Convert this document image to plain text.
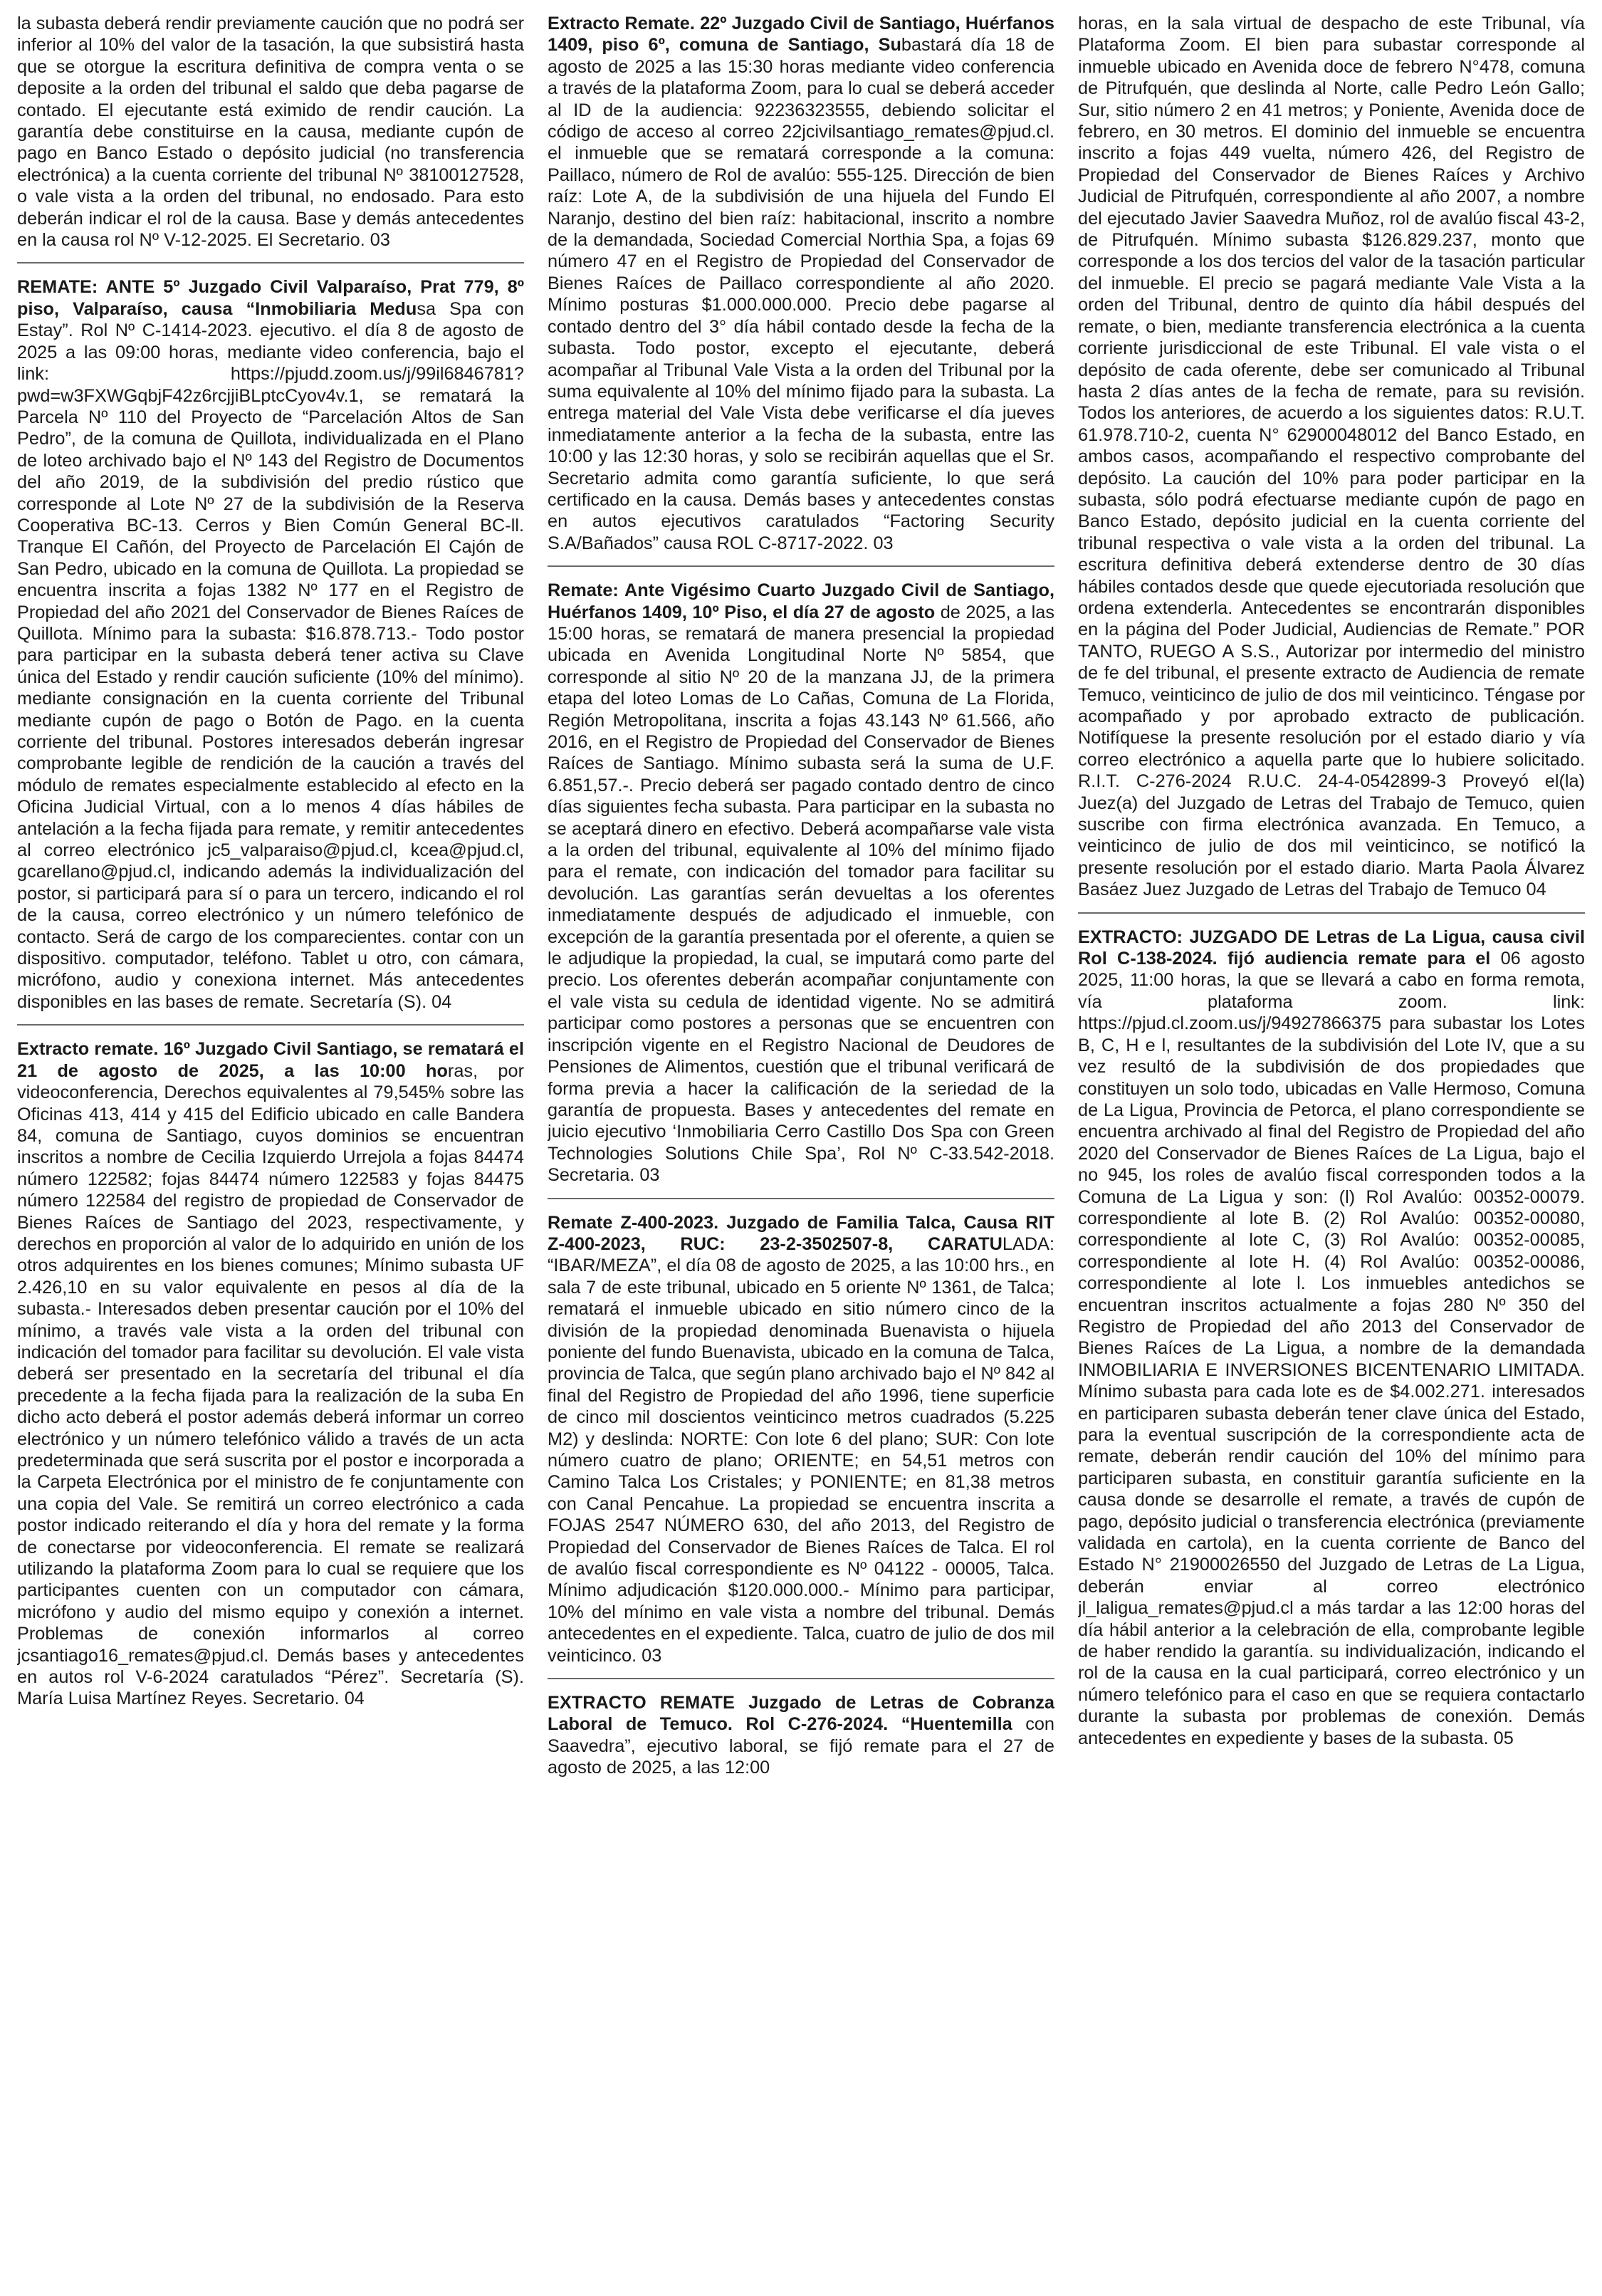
la subasta deberá rendir previamente caución que no podrá ser inferior al 10% del valor de la tasación, la que subsistirá hasta que se otorgue la escritura definitiva de compra venta o se deposite a la orden del tribunal el saldo que deba pagarse de contado. El ejecutante está eximido de rendir caución. La garantía debe constituirse en la causa, mediante cupón de pago en Banco Estado o depósito judicial (no transferencia electrónica) a la cuenta corriente del tribunal Nº 38100127528, o vale vista a la orden del tribunal, no endosado. Para esto deberán indicar el rol de la causa. Base y demás antecedentes en la causa rol Nº V-12-2025. El Secretario. 03

REMATE: ANTE 5º Juzgado Civil Valparaíso, Prat 779, 8º piso, Valparaíso, causa “Inmobiliaria Medusa Spa con Estay”. Rol Nº C-1414-2023. ejecutivo. el día 8 de agosto de 2025 a las 09:00 horas, mediante video conferencia, bajo el link: https://pjudd.zoom.us/j/99il6846781?pwd=w3FXWGqbjF42z6rcjjiBLptcCyov4v.1, se rematará la Parcela Nº 110 del Proyecto de “Parcelación Altos de San Pedro”, de la comuna de Quillota, individualizada en el Plano de loteo archivado bajo el Nº 143 del Registro de Documentos del año 2019, de la subdivisión del predio rústico que corresponde al Lote Nº 27 de la subdivisión de la Reserva Cooperativa BC-13. Cerros y Bien Común General BC-ll. Tranque El Cañón, del Proyecto de Parcelación El Cajón de San Pedro, ubicado en la comuna de Quillota. La propiedad se encuentra inscrita a fojas 1382 Nº 177 en el Registro de Propiedad del año 2021 del Conservador de Bienes Raíces de Quillota. Mínimo para la subasta: $16.878.713.- Todo postor para participar en la subasta deberá tener activa su Clave única del Estado y rendir caución suficiente (10% del mínimo). mediante consignación en la cuenta corriente del Tribunal mediante cupón de pago o Botón de Pago. en la cuenta corriente del tribunal. Postores interesados deberán ingresar comprobante legible de rendición de la caución a través del módulo de remates especialmente establecido al efecto en la Oficina Judicial Virtual, con a lo menos 4 días hábiles de antelación a la fecha fijada para remate, y remitir antecedentes al correo electrónico jc5_valparaiso@pjud.cl, kcea@pjud.cl, gcarellano@pjud.cl, indicando además la individualización del postor, si participará para sí o para un tercero, indicando el rol de la causa, correo electrónico y un número telefónico de contacto. Será de cargo de los comparecientes. contar con un dispositivo. computador, teléfono. Tablet u otro, con cámara, micrófono, audio y conexiona internet. Más antecedentes disponibles en las bases de remate. Secretaría (S). 04

Extracto remate. 16º Juzgado Civil Santiago, se rematará el 21 de agosto de 2025, a las 10:00 horas, por videoconferencia, Derechos equivalentes al 79,545% sobre las Oficinas 413, 414 y 415 del Edificio ubicado en calle Bandera 84, comuna de Santiago, cuyos dominios se encuentran inscritos a nombre de Cecilia Izquierdo Urrejola a fojas 84474 número 122582; fojas 84474 número 122583 y fojas 84475 número 122584 del registro de propiedad de Conservador de Bienes Raíces de Santiago del 2023, respectivamente, y derechos en proporción al valor de lo adquirido en unión de los otros adquirentes en los bienes comunes; Mínimo subasta UF 2.426,10 en su valor equivalente en pesos al día de la subasta.- Interesados deben presentar caución por el 10% del mínimo, a través vale vista a la orden del tribunal con indicación del tomador para facilitar su devolución. El vale vista deberá ser presentado en la secretaría del tribunal el día precedente a la fecha fijada para la realización de la suba En dicho acto deberá el postor además deberá informar un correo electrónico y un número telefónico válido a través de un acta predeterminada que será suscrita por el postor e incorporada a la Carpeta Electrónica por el ministro de fe conjuntamente con una copia del Vale. Se remitirá un correo electrónico a cada postor indicado reiterando el día y hora del remate y la forma de conectarse por videoconferencia. El remate se realizará utilizando la plataforma Zoom para lo cual se requiere que los participantes cuenten con un computador con cámara, micrófono y audio del mismo equipo y conexión a internet. Problemas de conexión informarlos al correo jcsantiago16_remates@pjud.cl. Demás bases y antecedentes en autos rol V-6-2024 caratulados “Pérez”. Secretaría (S). María Luisa Martínez Reyes. Secretario. 04

Extracto Remate. 22º Juzgado Civil de Santiago, Huérfanos 1409, piso 6º, comuna de Santiago, Subastará día 18 de agosto de 2025 a las 15:30 horas mediante video conferencia a través de la plataforma Zoom, para lo cual se deberá acceder al ID de la audiencia: 92236323555, debiendo solicitar el código de acceso al correo 22jcivilsantiago_remates@pjud.cl. el inmueble que se rematará corresponde a la comuna: Paillaco, número de Rol de avalúo: 555-125. Dirección de bien raíz: Lote A, de la subdivisión de una hijuela del Fundo El Naranjo, destino del bien raíz: habitacional, inscrito a nombre de la demandada, Sociedad Comercial Northia Spa, a fojas 69 número 47 en el Registro de Propiedad del Conservador de Bienes Raíces de Paillaco correspondiente al año 2020. Mínimo posturas $1.000.000.000. Precio debe pagarse al contado dentro del 3° día hábil contado desde la fecha de la subasta. Todo postor, excepto el ejecutante, deberá acompañar al Tribunal Vale Vista a la orden del Tribunal por la suma equivalente al 10% del mínimo fijado para la subasta. La entrega material del Vale Vista debe verificarse el día jueves inmediatamente anterior a la fecha de la subasta, entre las 10:00 y las 12:30 horas, y solo se recibirán aquellas que el Sr. Secretario admita como garantía suficiente, lo que será certificado en la causa. Demás bases y antecedentes constas en autos ejecutivos caratulados “Factoring Security S.A/Bañados” causa ROL C-8717-2022. 03

Remate: Ante Vigésimo Cuarto Juzgado Civil de Santiago, Huérfanos 1409, 10º Piso, el día 27 de agosto de 2025, a las 15:00 horas, se rematará de manera presencial la propiedad ubicada en Avenida Longitudinal Norte Nº 5854, que corresponde al sitio Nº 20 de la manzana JJ, de la primera etapa del loteo Lomas de Lo Cañas, Comuna de La Florida, Región Metropolitana, inscrita a fojas 43.143 Nº 61.566, año 2016, en el Registro de Propiedad del Conservador de Bienes Raíces de Santiago. Mínimo subasta será la suma de U.F. 6.851,57.-. Precio deberá ser pagado contado dentro de cinco días siguientes fecha subasta. Para participar en la subasta no se aceptará dinero en efectivo. Deberá acompañarse vale vista a la orden del tribunal, equivalente al 10% del mínimo fijado para el remate, con indicación del tomador para facilitar su devolución. Las garantías serán devueltas a los oferentes inmediatamente después de adjudicado el inmueble, con excepción de la garantía presentada por el oferente, a quien se le adjudique la propiedad, la cual, se imputará como parte del precio. Los oferentes deberán acompañar conjuntamente con el vale vista su cedula de identidad vigente. No se admitirá participar como postores a personas que se encuentren con inscripción vigente en el Registro Nacional de Deudores de Pensiones de Alimentos, cuestión que el tribunal verificará de forma previa a hacer la calificación de la seriedad de la garantía de propuesta. Bases y antecedentes del remate en juicio ejecutivo ‘Inmobiliaria Cerro Castillo Dos Spa con Green Technologies Solutions Chile Spa’, Rol Nº C-33.542-2018. Secretaria. 03

Remate Z-400-2023. Juzgado de Familia Talca, Causa RIT Z-400-2023, RUC: 23-2-3502507-8, CARATULADA: “IBAR/MEZA”, el día 08 de agosto de 2025, a las 10:00 hrs., en sala 7 de este tribunal, ubicado en 5 oriente Nº 1361, de Talca; rematará el inmueble ubicado en sitio número cinco de la división de la propiedad denominada Buenavista o hijuela poniente del fundo Buenavista, ubicado en la comuna de Talca, provincia de Talca, que según plano archivado bajo el Nº 842 al final del Registro de Propiedad del año 1996, tiene superficie de cinco mil doscientos veinticinco metros cuadrados (5.225 M2) y deslinda: NORTE: Con lote 6 del plano; SUR: Con lote número cuatro de plano; ORIENTE; en 54,51 metros con Camino Talca Los Cristales; y PONIENTE; en 81,38 metros con Canal Pencahue. La propiedad se encuentra inscrita a FOJAS 2547 NÚMERO 630, del año 2013, del Registro de Propiedad del Conservador de Bienes Raíces de Talca. El rol de avalúo fiscal correspondiente es Nº 04122 - 00005, Talca. Mínimo adjudicación $120.000.000.- Mínimo para participar, 10% del mínimo en vale vista a nombre del tribunal. Demás antecedentes en el expediente. Talca, cuatro de julio de dos mil veinticinco. 03

EXTRACTO REMATE Juzgado de Letras de Cobranza Laboral de Temuco. Rol C-276-2024. “Huentemilla con Saavedra”, ejecutivo laboral, se fijó remate para el 27 de agosto de 2025, a las 12:00

horas, en la sala virtual de despacho de este Tribunal, vía Plataforma Zoom. El bien para subastar corresponde al inmueble ubicado en Avenida doce de febrero N°478, comuna de Pitrufquén, que deslinda al Norte, calle Pedro León Gallo; Sur, sitio número 2 en 41 metros; y Poniente, Avenida doce de febrero, en 30 metros. El dominio del inmueble se encuentra inscrito a fojas 449 vuelta, número 426, del Registro de Propiedad del Conservador de Bienes Raíces y Archivo Judicial de Pitrufquén, correspondiente al año 2007, a nombre del ejecutado Javier Saavedra Muñoz, rol de avalúo fiscal 43-2, de Pitrufquén. Mínimo subasta $126.829.237, monto que corresponde a los dos tercios del valor de la tasación particular del inmueble. El precio se pagará mediante Vale Vista a la orden del Tribunal, dentro de quinto día hábil después del remate, o bien, mediante transferencia electrónica a la cuenta corriente jurisdiccional de este Tribunal. El vale vista o el depósito de cada oferente, debe ser comunicado al Tribunal hasta 2 días antes de la fecha de remate, para su revisión. Todos los anteriores, de acuerdo a los siguientes datos: R.U.T. 61.978.710-2, cuenta N° 62900048012 del Banco Estado, en ambos casos, acompañando el respectivo comprobante del depósito. La caución del 10% para poder participar en la subasta, sólo podrá efectuarse mediante cupón de pago en Banco Estado, depósito judicial en la cuenta corriente del tribunal respectiva o vale vista a la orden del tribunal. La escritura definitiva deberá extenderse dentro de 30 días hábiles contados desde que quede ejecutoriada resolución que ordena extenderla. Antecedentes se encontrarán disponibles en la página del Poder Judicial, Audiencias de Remate.” POR TANTO, RUEGO A S.S., Autorizar por intermedio del ministro de fe del tribunal, el presente extracto de Audiencia de remate Temuco, veinticinco de julio de dos mil veinticinco. Téngase por acompañado y por aprobado extracto de publicación. Notifíquese la presente resolución por el estado diario y vía correo electrónico a aquella parte que lo hubiere solicitado. R.I.T. C-276-2024 R.U.C. 24-4-0542899-3 Proveyó el(la) Juez(a) del Juzgado de Letras del Trabajo de Temuco, quien suscribe con firma electrónica avanzada. En Temuco, a veinticinco de julio de dos mil veinticinco, se notificó la presente resolución por el estado diario. Marta Paola Álvarez Basáez Juez Juzgado de Letras del Trabajo de Temuco 04

EXTRACTO: JUZGADO DE Letras de La Ligua, causa civil Rol C-138-2024. fijó audiencia remate para el 06 agosto 2025, 11:00 horas, la que se llevará a cabo en forma remota, vía plataforma zoom. link: https://pjud.cl.zoom.us/j/94927866375 para subastar los Lotes B, C, H e l, resultantes de la subdivisión del Lote IV, que a su vez resultó de la subdivisión de dos propiedades que constituyen un solo todo, ubicadas en Valle Hermoso, Comuna de La Ligua, Provincia de Petorca, el plano correspondiente se encuentra archivado al final del Registro de Propiedad del año 2020 del Conservador de Bienes Raíces de La Ligua, bajo el no 945, los roles de avalúo fiscal corresponden todos a la Comuna de La Ligua y son: (l) Rol Avalúo: 00352-00079. correspondiente al lote B. (2) Rol Avalúo: 00352-00080, correspondiente al lote C, (3) Rol Avalúo: 00352-00085, correspondiente al lote H. (4) Rol Avalúo: 00352-00086, correspondiente al lote l. Los inmuebles antedichos se encuentran inscritos actualmente a fojas 280 Nº 350 del Registro de Propiedad del año 2013 del Conservador de Bienes Raíces de La Ligua, a nombre de la demandada INMOBILIARIA E INVERSIONES BICENTENARIO LIMITADA. Mínimo subasta para cada lote es de $4.002.271. interesados en participaren subasta deberán tener clave única del Estado, para la eventual suscripción de la correspondiente acta de remate, deberán rendir caución del 10% del mínimo para participaren subasta, en constituir garantía suficiente en la causa donde se desarrolle el remate, a través de cupón de pago, depósito judicial o transferencia electrónica (previamente validada en cartola), en la cuenta corriente de Banco del Estado N° 21900026550 del Juzgado de Letras de La Ligua, deberán enviar al correo electrónico jl_laligua_remates@pjud.cl a más tardar a las 12:00 horas del día hábil anterior a la celebración de ella, comprobante legible de haber rendido la garantía. su individualización, indicando el rol de la causa en la cual participará, correo electrónico y un número telefónico para el caso en que se requiera contactarlo durante la subasta por problemas de conexión. Demás antecedentes en expediente y bases de la subasta. 05
